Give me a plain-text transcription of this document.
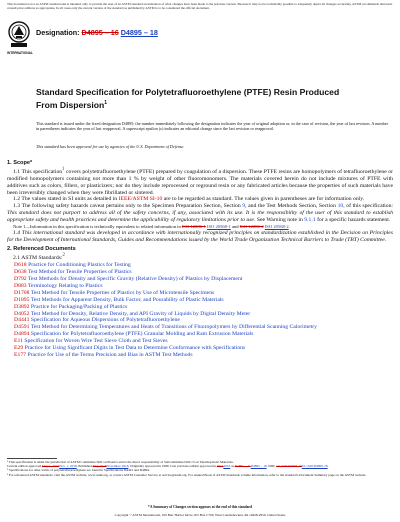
This document is not an ASTM standard and is intended only to provide the user of an ASTM standard an indication of what changes have been made to the previous version. Because it may not be technically possible to adequately depict all changes accurately, ASTM recommends that users consult prior editions as appropriate. In all cases only the current version of the standard as published by ASTM is to be considered the official document.
INTERNATIONAL
Designation: D4895 – 16 D4895 – 18
Standard Specification for Polytetrafluoroethylene (PTFE) Resin Produced From Dispersion$^1$
This standard is issued under the fixed designation D4895; the number immediately following the designation indicates the year of original adoption or, in the case of revision, the year of last revision. A number in parentheses indicates the year of last reapproval. A superscript epsilon (ε) indicates an editorial change since the last revision or reapproval.
This standard has been approved for use by agencies of the U.S. Department of Defense.

1. Scope*

1.1 This specification$^1$ covers polytetrafluoroethylene (PTFE) prepared by coagulation of a dispersion. These PTFE resins are homopolymers of tetrafluoroethylene or modified homopolymers containing not more than 1 % by weight of other fluoromonomers. The materials covered herein do not include mixtures of PTFE with additives such as colors, fillers, or plasticizers; nor do they include reprocessed or reground resin or any fabricated articles because the properties of such materials have been irreversibly changed when they were fibrillated or sintered.

1.2 The values stated in SI units as detailed in IEEE/ASTM SI-10 are to be regarded as standard. The values given in parentheses are for information only.

1.3 The following safety hazards caveat pertains only to the Specimen Preparation Section, Section 9, and the Test Methods Section, Section 10, of this specification: This standard does not purport to address all of the safety concerns, if any, associated with its use. It is the responsibility of the user of this standard to establish appropriate safety and health practices and determine the applicability of regulatory limitations prior to use. See Warning note in 9.1.1 for a specific hazards statement.

Note 1—Information in this specification is technically equivalent to related information in ISO 12086-1 ISO 20568-1 and ISO 12086-2 ISO 20568-2.

1.4 This international standard was developed in accordance with internationally recognized principles on standardization established in the Decision on Principles for the Development of International Standards, Guides and Recommendations issued by the World Trade Organization Technical Barriers to Trade (TBT) Committee.

2. Referenced Documents

2.1 ASTM Standards:$^2$

D618 Practice for Conditioning Plastics for Testing
D638 Test Method for Tensile Properties of Plastics
D792 Test Methods for Density and Specific Gravity (Relative Density) of Plastics by Displacement
D883 Terminology Relating to Plastics
D1708 Test Method for Tensile Properties of Plastics by Use of Microtensile Specimens
D1895 Test Methods for Apparent Density, Bulk Factor, and Pourability of Plastic Materials
D3892 Practice for Packaging/Packing of Plastics
D4052 Test Method for Density, Relative Density, and API Gravity of Liquids by Digital Density Meter
D4441 Specification for Aqueous Dispersions of Polytetrafluoroethylene
D4591 Test Method for Determining Temperatures and Heats of Transitions of Fluoropolymers by Differential Scanning Calorimetry
D4894 Specification for Polytetrafluoroethylene (PTFE) Granular Molding and Ram Extrusion Materials
E11 Specification for Woven Wire Test Sieve Cloth and Test Sieves
E29 Practice for Using Significant Digits in Test Data to Determine Conformance with Specifications
E177 Practice for Use of the Terms Precision and Bias in ASTM Test Methods
¹ This specification is under the jurisdiction of ASTM Committee D20 on Plastics and is the direct responsibility of Subcommittee D20.15 on Thermoplastic Materials.
Current edition approved May 1, 2016Nov. 1, 2018. Published May 2016November 2018. Originally approved in 1989. Last previous edition approved in 20112016 as D4895 – 11D4895 – 16. DOI: 10.1520/D4895-1610.1520/D4895-18.
² Specifications for other forms of polytetrafluoroethylene are found in Specifications D4441 and D4894.
³ For referenced ASTM standards, visit the ASTM website, www.astm.org, or contact ASTM Customer Service at service@astm.org. For Annual Book of ASTM Standards volume information, refer to the standard's Document Summary page on the ASTM website.
*A Summary of Changes section appears at the end of this standard
Copyright © ASTM International, 100 Barr Harbor Drive, PO Box C700, West Conshohocken, PA 19428-2959. United States
